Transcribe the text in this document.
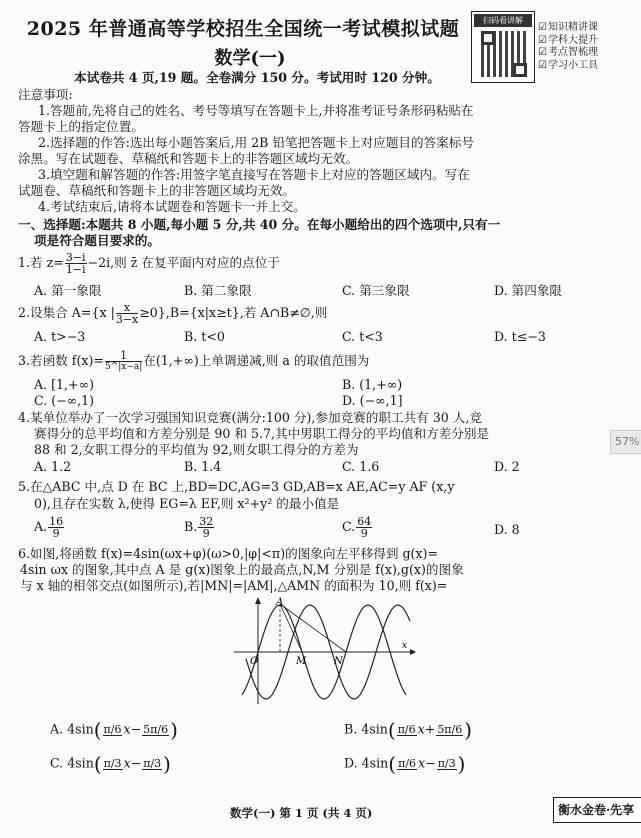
2025 年普通高等学校招生全国统一考试模拟试题
数学(一)
扫码看讲解
☑ 知识精讲课
☑ 学科大提升
☑ 考点智梳理
☑ 学习小工具
本试卷共 4 页,19 题。全卷满分 150 分。考试用时 120 分钟。
注意事项:
1.答题前,先将自己的姓名、考号等填写在答题卡上,并将准考证号条形码粘贴在
答题卡上的指定位置。
2.选择题的作答:选出每小题答案后,用 2B 铅笔把答题卡上对应题目的答案标号
涂黑。写在试题卷、草稿纸和答题卡上的非答题区域均无效。
3.填空题和解答题的作答:用签字笔直接写在答题卡上对应的答题区域内。写在
试题卷、草稿纸和答题卡上的非答题区域均无效。
4.考试结束后,请将本试题卷和答题卡一并上交。
一、选择题:本题共 8 小题,每小题 5 分,共 40 分。在每小题给出的四个选项中,只有一
项是符合题目要求的。
1.若 $z= \frac{3-i}{1-i} -2i$,则 z̄ 在复平面内对应的点位于
A. 第一象限	B. 第二象限	C. 第三象限	D. 第四象限
2.设集合 A={x | $\frac{x}{3-x} \ge 0\},B=\{x|x\ge t\}$,若 A∩B≠∅,则
A. t>−3	B. t<0	C. t<3	D. t≤−3
3.若函数 $f(x)= \frac{1}{5\^{}|x-a|}$ 在(1,+∞)上单调递减,则 a 的取值范围为
A. [1,+∞)	B. (1,+∞)
C. (−∞,1)	D. (−∞,1]
4.某单位举办了一次学习强国知识竞赛(满分:100 分),参加竞赛的职工共有 30 人,竞
赛得分的总平均值和方差分别是 90 和 5.7,其中男职工得分的平均值和方差分别是
88 和 2,女职工得分的平均值为 92,则女职工得分的方差为
A. 1.2	B. 1.4	C. 1.6	D. 2
5.在△ABC 中,点 D 在 BC 上,BD=DC,AG=3 GD,AB=x AE,AC=y AF (x,y
0),且存在实数 λ,使得 EG=λ EF,则 x²+y² 的最小值是
A. $\frac{16}{9}$	B. $\frac{32}{9}$	C. $\frac{64}{9}$	D. 8
6.如图,将函数 f(x)=4sin(ωx+φ)(ω>0,|φ|<π)的图象向左平移得到 g(x)=
4sin ωx 的图象,其中点 A 是 g(x)图象上的最高点,N,M 分别是 f(x),g(x)的图象
与 x 轴的相邻交点(如图所示),若|MN|=|AM|,△AMN 的面积为 10,则 f(x)=
A
O	M	N
x
A. 4sin( π/6 x− 5π/6 )	B. 4sin( π/6 x+ 5π/6 )
C. 4sin( π/3 x− π/3 )	D. 4sin( π/6 x− π/3 )
数学(一) 第 1 页 (共 4 页)	衡水金卷·先享
57%
